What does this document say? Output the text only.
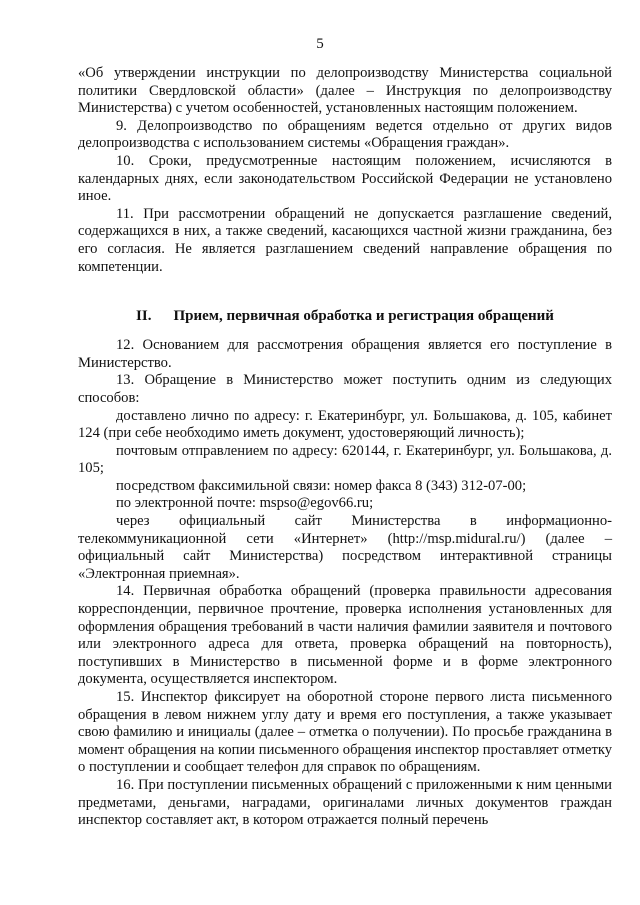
5

«Об утверждении инструкции по делопроизводству Министерства социальной политики Свердловской области» (далее – Инструкция по делопроизводству Министерства) с учетом особенностей, установленных настоящим положением.

9. Делопроизводство по обращениям ведется отдельно от других видов делопроизводства с использованием системы «Обращения граждан».

10. Сроки, предусмотренные настоящим положением, исчисляются в календарных днях, если законодательством Российской Федерации не установлено иное.

11. При рассмотрении обращений не допускается разглашение сведений, содержащихся в них, а также сведений, касающихся частной жизни гражданина, без его согласия. Не является разглашением сведений направление обращения по компетенции.

II. Прием, первичная обработка и регистрация обращений

12. Основанием для рассмотрения обращения является его поступление в Министерство.

13. Обращение в Министерство может поступить одним из следующих способов:

доставлено лично по адресу: г. Екатеринбург, ул. Большакова, д. 105, кабинет 124 (при себе необходимо иметь документ, удостоверяющий личность);

почтовым отправлением по адресу: 620144, г. Екатеринбург, ул. Большакова, д. 105;

посредством факсимильной связи: номер факса 8 (343) 312-07-00;

по электронной почте: mspso@egov66.ru;

через официальный сайт Министерства в информационно-телекоммуникационной сети «Интернет» (http://msp.midural.ru/) (далее – официальный сайт Министерства) посредством интерактивной страницы «Электронная приемная».

14. Первичная обработка обращений (проверка правильности адресования корреспонденции, первичное прочтение, проверка исполнения установленных для оформления обращения требований в части наличия фамилии заявителя и почтового или электронного адреса для ответа, проверка обращений на повторность), поступивших в Министерство в письменной форме и в форме электронного документа, осуществляется инспектором.

15. Инспектор фиксирует на оборотной стороне первого листа письменного обращения в левом нижнем углу дату и время его поступления, а также указывает свою фамилию и инициалы (далее – отметка о получении). По просьбе гражданина в момент обращения на копии письменного обращения инспектор проставляет отметку о поступлении и сообщает телефон для справок по обращениям.

16. При поступлении письменных обращений с приложенными к ним ценными предметами, деньгами, наградами, оригиналами личных документов граждан инспектор составляет акт, в котором отражается полный перечень
